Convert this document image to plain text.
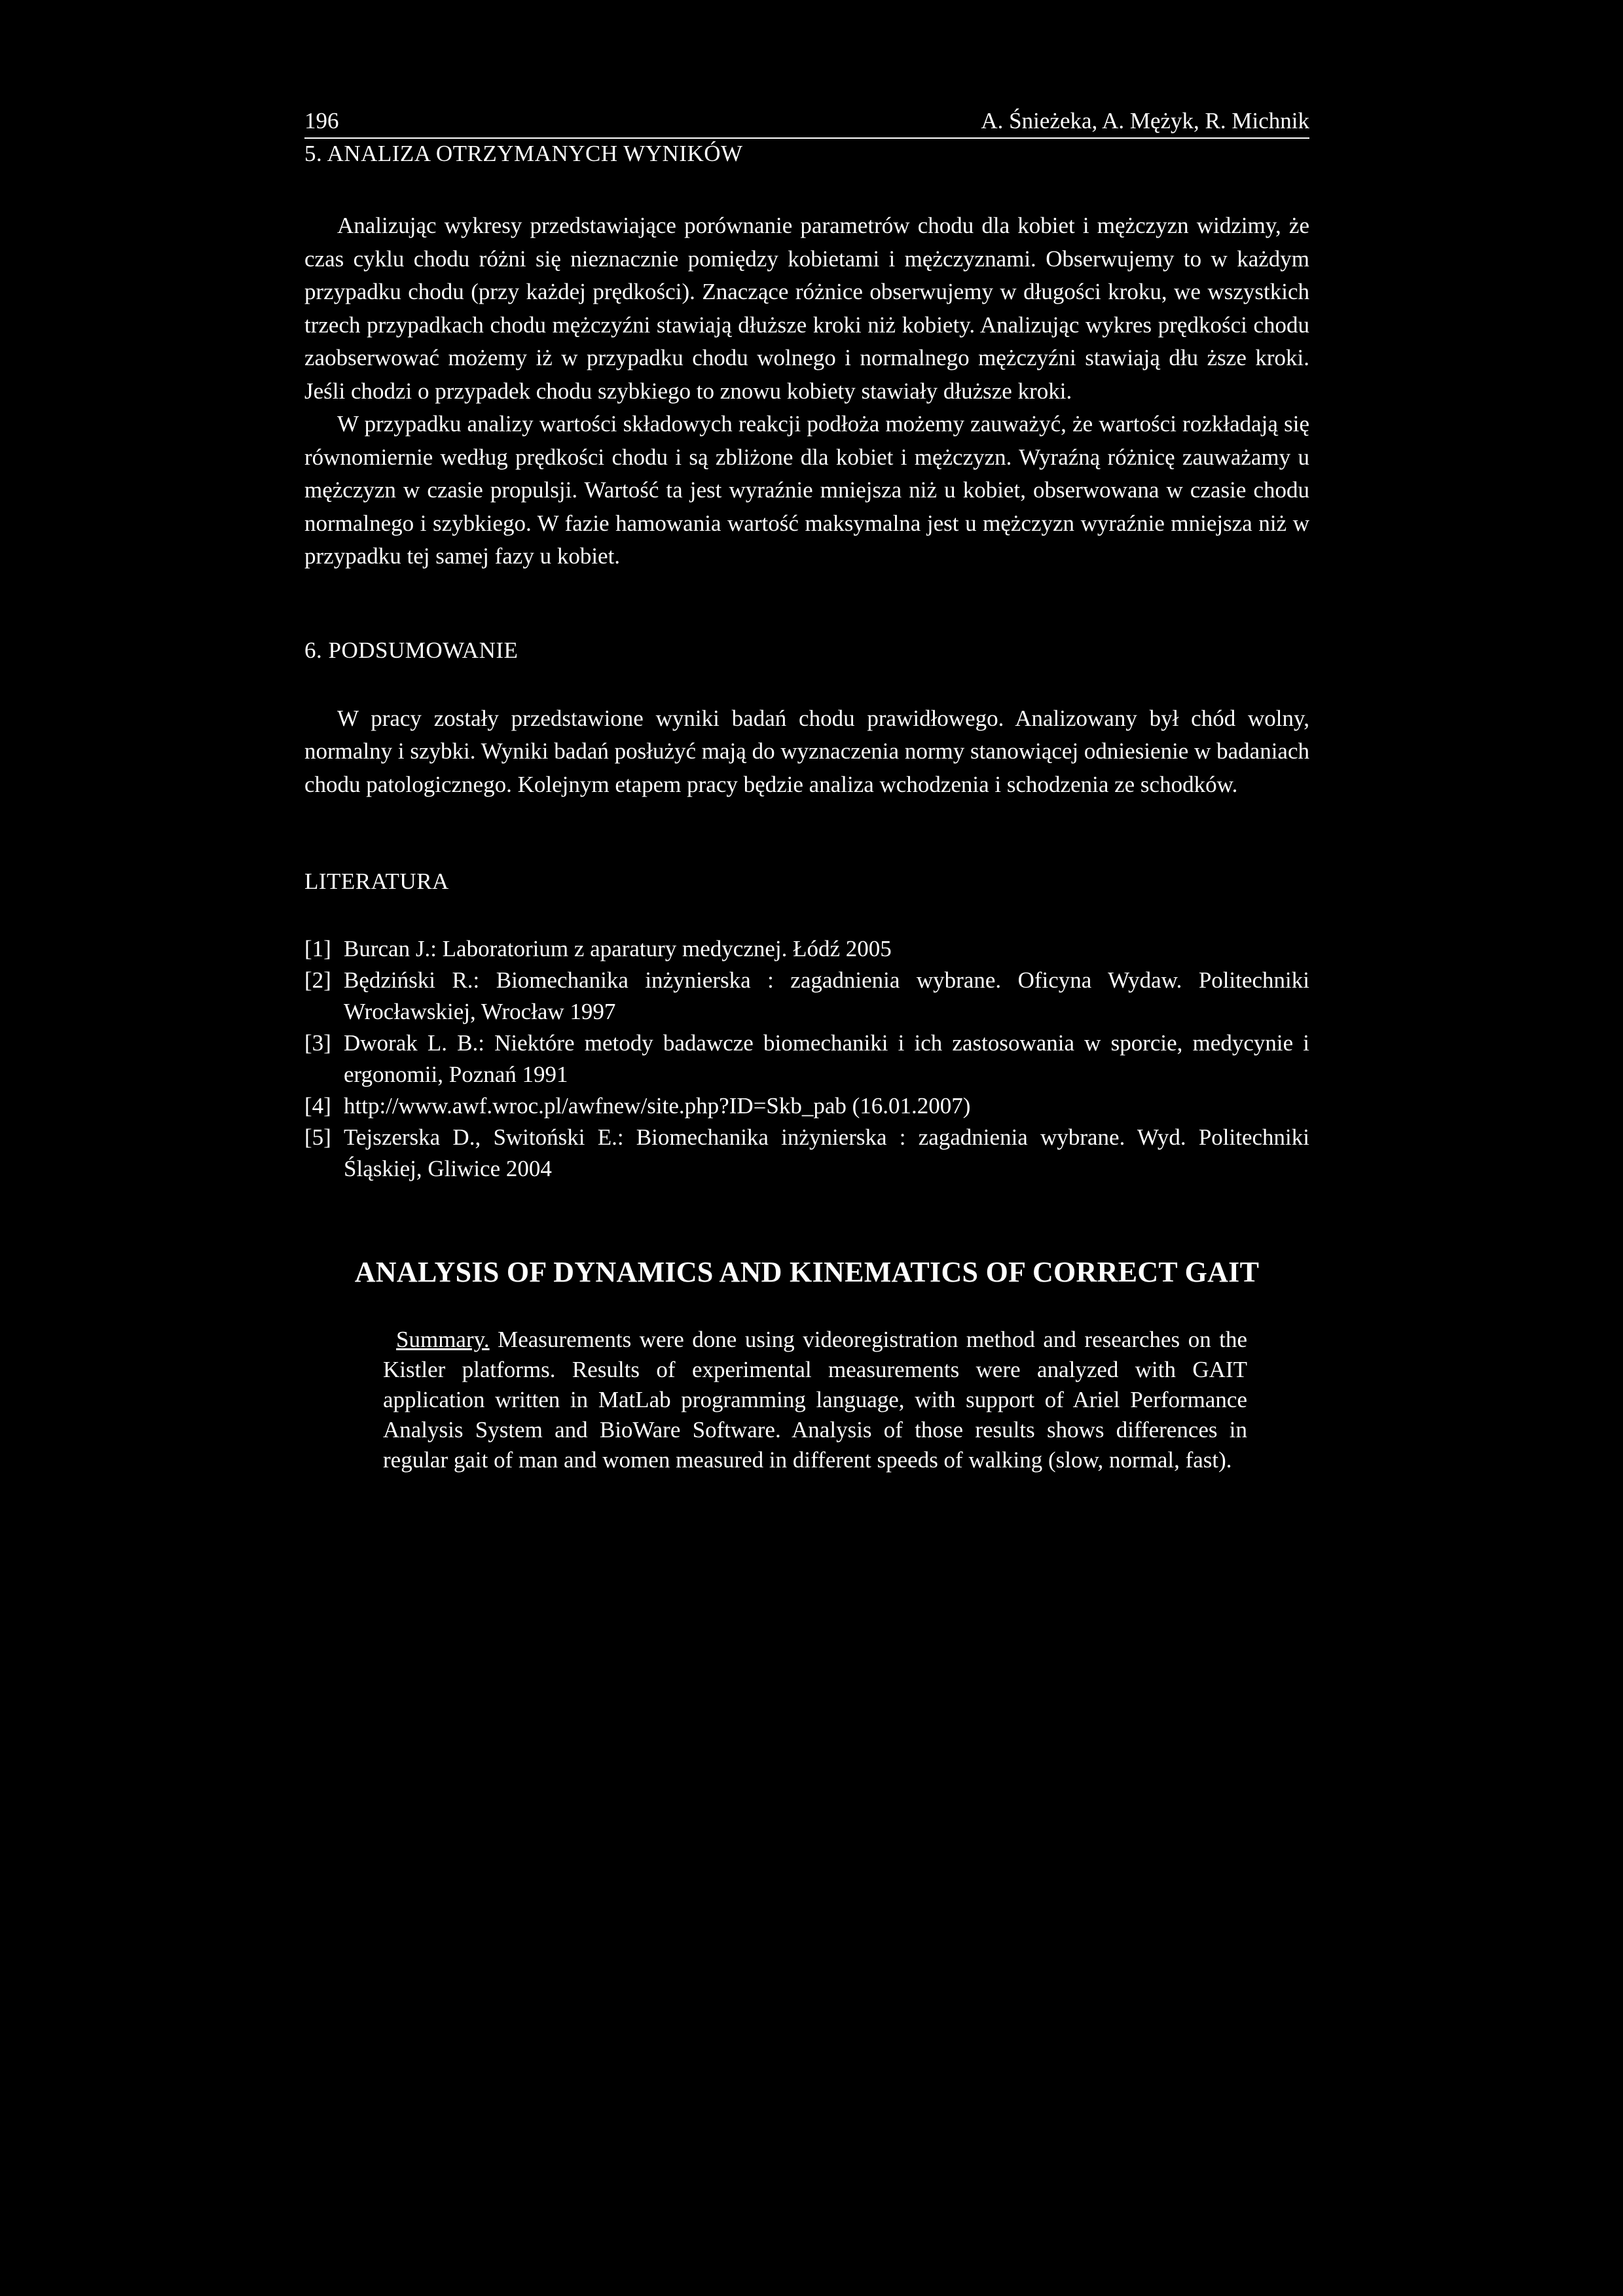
196	A. Śnieżeka, A. Mężyk, R. Michnik
5. ANALIZA OTRZYMANYCH WYNIKÓW

Analizując wykresy przedstawiające porównanie parametrów chodu dla kobiet i mężczyzn widzimy, że czas cyklu chodu różni się nieznacznie pomiędzy kobietami i mężczyznami. Obserwujemy to w każdym przypadku chodu (przy każdej prędkości). Znaczące różnice obserwujemy w długości kroku, we wszystkich trzech przypadkach chodu mężczyźni stawiają dłuższe kroki niż kobiety. Analizując wykres prędkości chodu zaobserwować możemy iż w przypadku chodu wolnego i normalnego mężczyźni stawiają dłu ższe kroki. Jeśli chodzi o przypadek chodu szybkiego to znowu kobiety stawiały dłuższe kroki.

W przypadku analizy wartości składowych reakcji podłoża możemy zauważyć, że wartości rozkładają się równomiernie według prędkości chodu i są zbliżone dla kobiet i mężczyzn. Wyraźną różnicę zauważamy u mężczyzn w czasie propulsji. Wartość ta jest wyraźnie mniejsza niż u kobiet, obserwowana w czasie chodu normalnego i szybkiego. W fazie hamowania wartość maksymalna jest u mężczyzn wyraźnie mniejsza niż w przypadku tej samej fazy u kobiet.

6. PODSUMOWANIE

W pracy zostały przedstawione wyniki badań chodu prawidłowego. Analizowany był chód wolny, normalny i szybki. Wyniki badań posłużyć mają do wyznaczenia normy stanowiącej odniesienie w badaniach chodu patologicznego. Kolejnym etapem pracy będzie analiza wchodzenia i schodzenia ze schodków.

LITERATURA

[1] Burcan J.: Laboratorium z aparatury medycznej. Łódź 2005

[2] Będziński R.: Biomechanika inżynierska : zagadnienia wybrane. Oficyna Wydaw. Politechniki Wrocławskiej, Wrocław 1997

[3] Dworak L. B.: Niektóre metody badawcze biomechaniki i ich zastosowania w sporcie, medycynie i ergonomii, Poznań 1991

[4] http://www.awf.wroc.pl/awfnew/site.php?ID=Skb_pab (16.01.2007)

[5] Tejszerska D., Switoński E.: Biomechanika inżynierska : zagadnienia wybrane. Wyd. Politechniki Śląskiej, Gliwice 2004

ANALYSIS OF DYNAMICS AND KINEMATICS OF CORRECT GAIT

Summary. Measurements were done using videoregistration method and researches on the Kistler platforms. Results of experimental measurements were analyzed with GAIT application written in MatLab programming language, with support of Ariel Performance Analysis System and BioWare Software. Analysis of those results shows differences in regular gait of man and women measured in different speeds of walking (slow, normal, fast).
